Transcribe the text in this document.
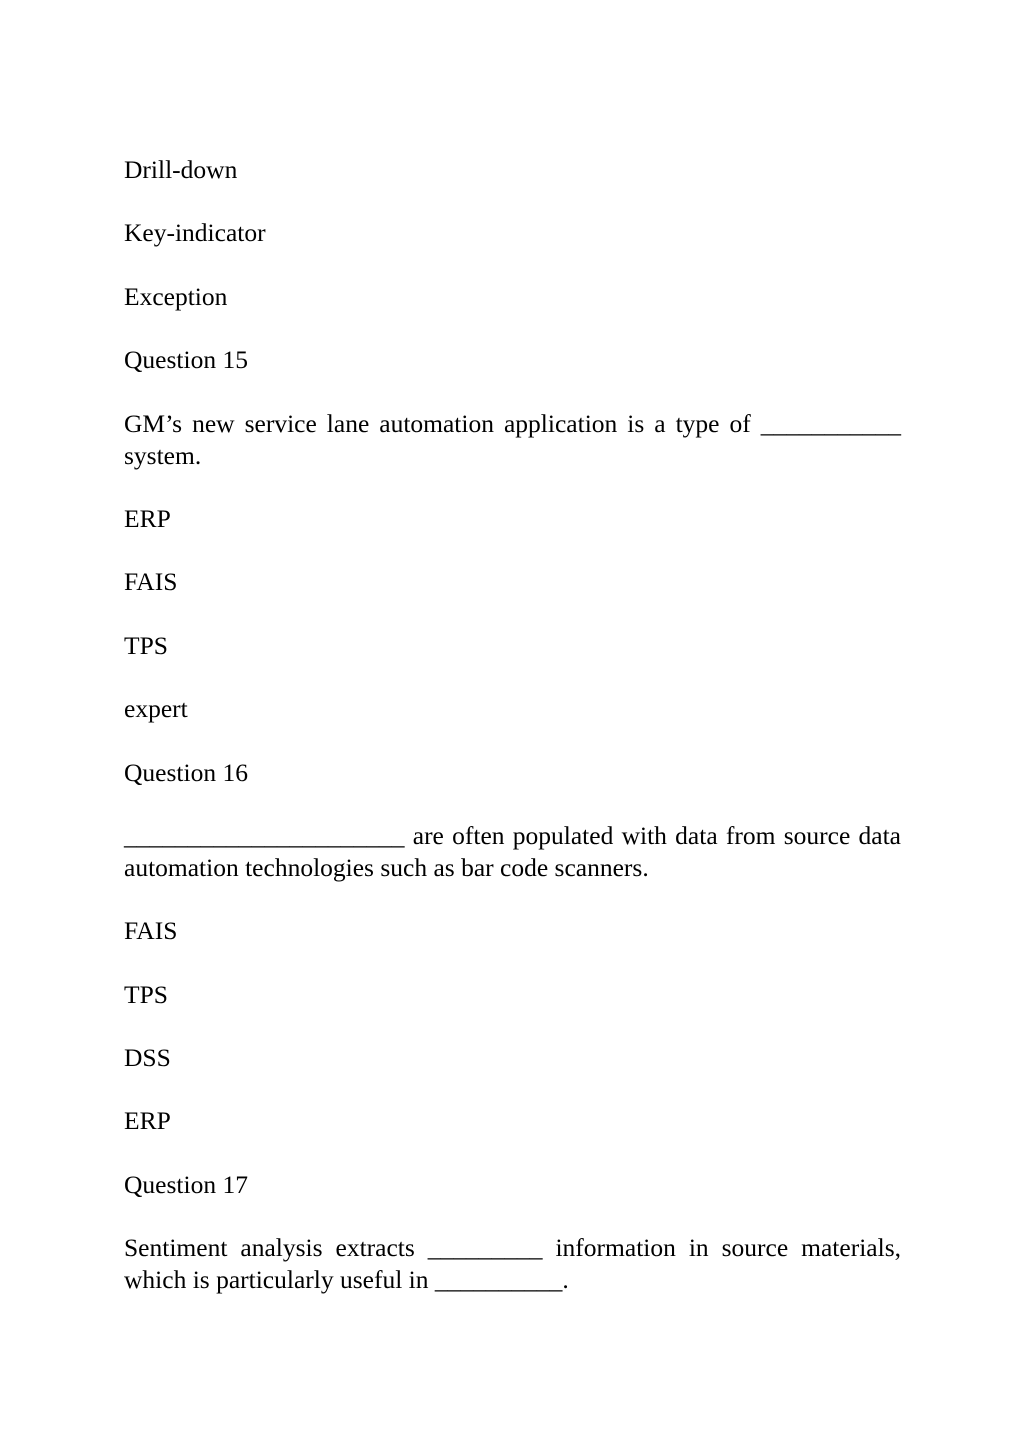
Drill-down

Key-indicator

Exception

Question 15

GM’s new service lane automation application is a type of ___________ system.

ERP

FAIS

TPS

expert

Question 16

______________________ are often populated with data from source data automation technologies such as bar code scanners.

FAIS

TPS

DSS

ERP

Question 17

Sentiment analysis extracts _________ information in source materials, which is particularly useful in __________.
